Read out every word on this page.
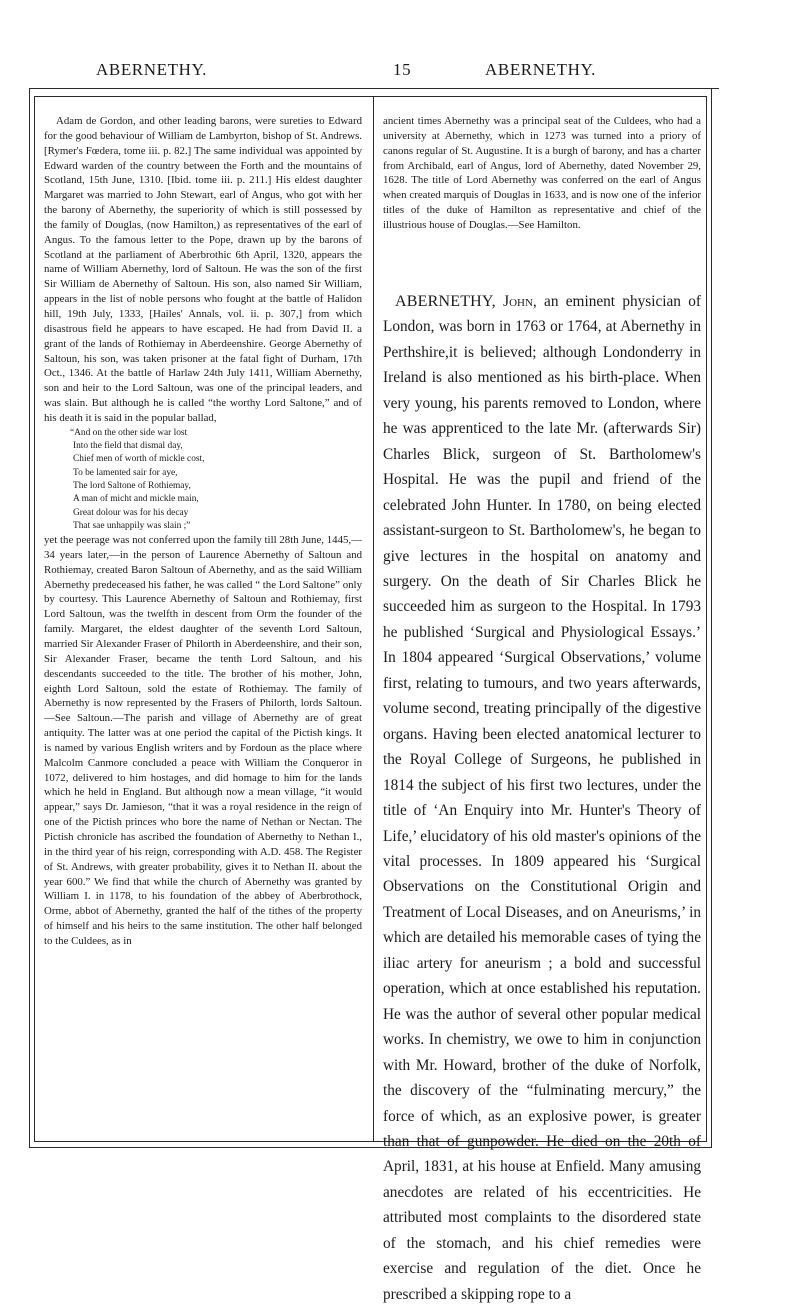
ABERNETHY.	15	ABERNETHY.

Adam de Gordon, and other leading barons, were sureties to Edward for the good behaviour of William de Lambyrton, bishop of St. Andrews. [Rymer's Fœdera, tome iii. p. 82.] The same individual was appointed by Edward warden of the country between the Forth and the mountains of Scotland, 15th June, 1310. [Ibid. tome iii. p. 211.] His eldest daughter Margaret was married to John Stewart, earl of Angus, who got with her the barony of Abernethy, the superiority of which is still possessed by the family of Douglas, (now Hamilton,) as representatives of the earl of Angus. To the famous letter to the Pope, drawn up by the barons of Scotland at the parliament of Aberbrothic 6th April, 1320, appears the name of William Abernethy, lord of Saltoun. He was the son of the first Sir William de Abernethy of Saltoun. His son, also named Sir William, appears in the list of noble persons who fought at the battle of Halidon hill, 19th July, 1333, [Hailes' Annals, vol. ii. p. 307,] from which disastrous field he appears to have escaped. He had from David II. a grant of the lands of Rothiemay in Aberdeenshire. George Abernethy of Saltoun, his son, was taken prisoner at the fatal fight of Durham, 17th Oct., 1346. At the battle of Harlaw 24th July 1411, William Abernethy, son and heir to the Lord Saltoun, was one of the principal leaders, and was slain. But although he is called “the worthy Lord Saltone,” and of his death it is said in the popular ballad,

“And on the other side war lost
Into the field that dismal day,
Chief men of worth of mickle cost,
To be lamented sair for aye,
The lord Saltone of Rothiemay,
A man of micht and mickle main,
Great dolour was for his decay
That sae unhappily was slain ;”

yet the peerage was not conferred upon the family till 28th June, 1445,—34 years later,—in the person of Laurence Abernethy of Saltoun and Rothiemay, created Baron Saltoun of Abernethy, and as the said William Abernethy predeceased his father, he was called “ the Lord Saltone” only by courtesy. This Laurence Abernethy of Saltoun and Rothiemay, first Lord Saltoun, was the twelfth in descent from Orm the founder of the family. Margaret, the eldest daughter of the seventh Lord Saltoun, married Sir Alexander Fraser of Philorth in Aberdeenshire, and their son, Sir Alexander Fraser, became the tenth Lord Saltoun, and his descendants succeeded to the title. The brother of his mother, John, eighth Lord Saltoun, sold the estate of Rothiemay. The family of Abernethy is now represented by the Frasers of Philorth, lords Saltoun.—See Saltoun.—The parish and village of Abernethy are of great antiquity. The latter was at one period the capital of the Pictish kings. It is named by various English writers and by Fordoun as the place where Malcolm Canmore concluded a peace with William the Conqueror in 1072, delivered to him hostages, and did homage to him for the lands which he held in England. But although now a mean village, “it would appear,” says Dr. Jamieson, “that it was a royal residence in the reign of one of the Pictish princes who bore the name of Nethan or Nectan. The Pictish chronicle has ascribed the foundation of Abernethy to Nethan I., in the third year of his reign, corresponding with A.D. 458. The Register of St. Andrews, with greater probability, gives it to Nethan II. about the year 600.” We find that while the church of Abernethy was granted by William I. in 1178, to his foundation of the abbey of Aberbrothock, Orme, abbot of Abernethy, granted the half of the tithes of the property of himself and his heirs to the same institution. The other half belonged to the Culdees, as in

ancient times Abernethy was a principal seat of the Culdees, who had a university at Abernethy, which in 1273 was turned into a priory of canons regular of St. Augustine. It is a burgh of barony, and has a charter from Archibald, earl of Angus, lord of Abernethy, dated November 29, 1628. The title of Lord Abernethy was conferred on the earl of Angus when created marquis of Douglas in 1633, and is now one of the inferior titles of the duke of Hamilton as representative and chief of the illustrious house of Douglas.—See Hamilton.

ABERNETHY, John, an eminent physician of London, was born in 1763 or 1764, at Abernethy in Perthshire,it is believed; although Londonderry in Ireland is also mentioned as his birth-place. When very young, his parents removed to London, where he was apprenticed to the late Mr. (afterwards Sir) Charles Blick, surgeon of St. Bartholomew's Hospital. He was the pupil and friend of the celebrated John Hunter. In 1780, on being elected assistant-surgeon to St. Bartholomew's, he began to give lectures in the hospital on anatomy and surgery. On the death of Sir Charles Blick he succeeded him as surgeon to the Hospital. In 1793 he published ‘Surgical and Physiological Essays.’ In 1804 appeared ‘Surgical Observations,’ volume first, relating to tumours, and two years afterwards, volume second, treating principally of the digestive organs. Having been elected anatomical lecturer to the Royal College of Surgeons, he published in 1814 the subject of his first two lectures, under the title of ‘An Enquiry into Mr. Hunter's Theory of Life,’ elucidatory of his old master's opinions of the vital processes. In 1809 appeared his ‘Surgical Observations on the Constitutional Origin and Treatment of Local Diseases, and on Aneurisms,’ in which are detailed his memorable cases of tying the iliac artery for aneurism ; a bold and successful operation, which at once established his reputation. He was the author of several other popular medical works. In chemistry, we owe to him in conjunction with Mr. Howard, brother of the duke of Norfolk, the discovery of the “fulminating mercury,” the force of which, as an explosive power, is greater than that of gunpowder. He died on the 20th of April, 1831, at his house at Enfield. Many amusing anecdotes are related of his eccentricities. He attributed most complaints to the disordered state of the stomach, and his chief remedies were exercise and regulation of the diet. Once he prescribed a skipping rope to a
